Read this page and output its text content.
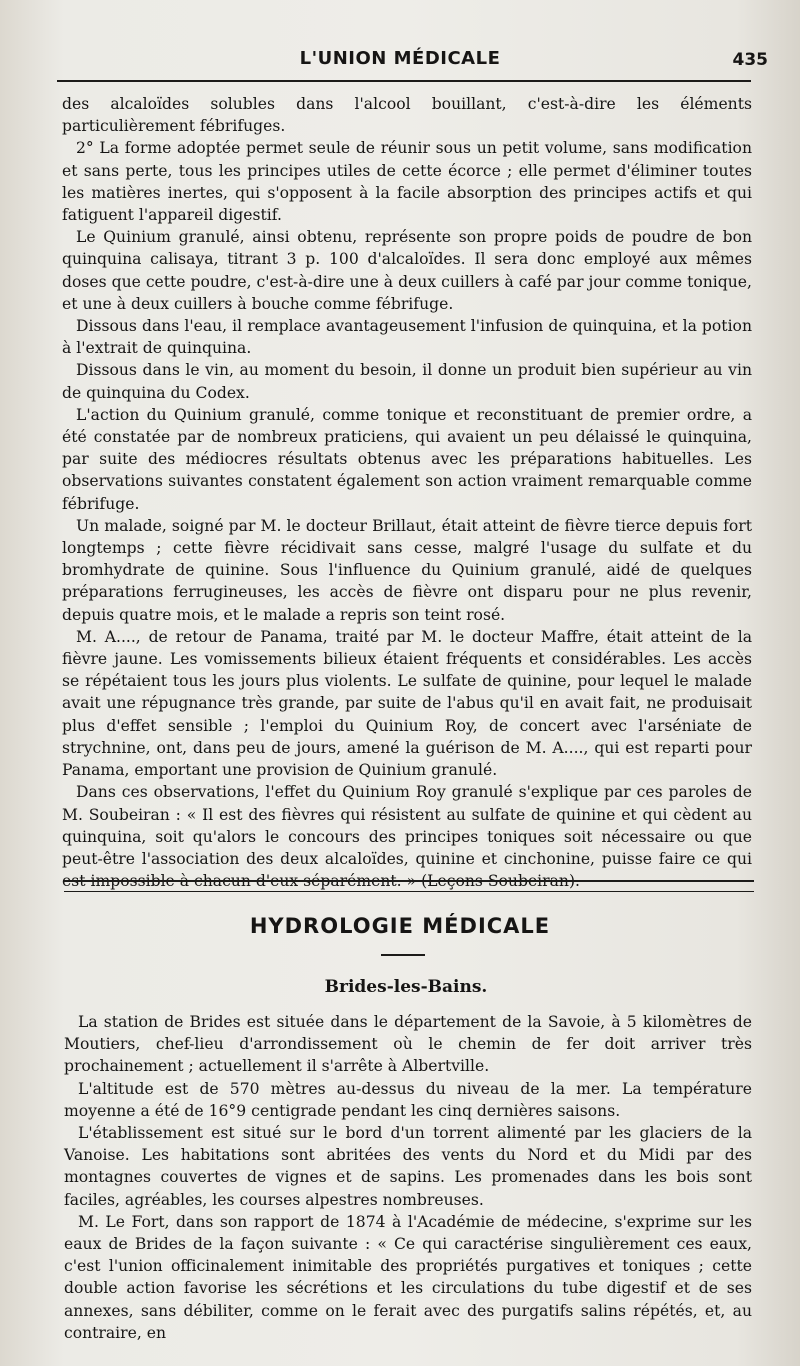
L'UNION MÉDICALE	435

des alcaloïdes solubles dans l'alcool bouillant, c'est-à-dire les éléments particulièrement fébrifuges.

2° La forme adoptée permet seule de réunir sous un petit volume, sans modification et sans perte, tous les principes utiles de cette écorce ; elle permet d'éliminer toutes les matières inertes, qui s'opposent à la facile absorption des principes actifs et qui fatiguent l'appareil digestif.

Le Quinium granulé, ainsi obtenu, représente son propre poids de poudre de bon quinquina calisaya, titrant 3 p. 100 d'alcaloïdes. Il sera donc employé aux mêmes doses que cette poudre, c'est-à-dire une à deux cuillers à café par jour comme tonique, et une à deux cuillers à bouche comme fébrifuge.

Dissous dans l'eau, il remplace avantageusement l'infusion de quinquina, et la potion à l'extrait de quinquina.

Dissous dans le vin, au moment du besoin, il donne un produit bien supérieur au vin de quinquina du Codex.

L'action du Quinium granulé, comme tonique et reconstituant de premier ordre, a été constatée par de nombreux praticiens, qui avaient un peu délaissé le quinquina, par suite des médiocres résultats obtenus avec les préparations habituelles. Les observations suivantes constatent également son action vraiment remarquable comme fébrifuge.

Un malade, soigné par M. le docteur Brillaut, était atteint de fièvre tierce depuis fort longtemps ; cette fièvre récidivait sans cesse, malgré l'usage du sulfate et du bromhydrate de quinine. Sous l'influence du Quinium granulé, aidé de quelques préparations ferrugineuses, les accès de fièvre ont disparu pour ne plus revenir, depuis quatre mois, et le malade a repris son teint rosé.

M. A...., de retour de Panama, traité par M. le docteur Maffre, était atteint de la fièvre jaune. Les vomissements bilieux étaient fréquents et considérables. Les accès se répétaient tous les jours plus violents. Le sulfate de quinine, pour lequel le malade avait une répugnance très grande, par suite de l'abus qu'il en avait fait, ne produisait plus d'effet sensible ; l'emploi du Quinium Roy, de concert avec l'arséniate de strychnine, ont, dans peu de jours, amené la guérison de M. A...., qui est reparti pour Panama, emportant une provision de Quinium granulé.

Dans ces observations, l'effet du Quinium Roy granulé s'explique par ces paroles de M. Soubeiran : « Il est des fièvres qui résistent au sulfate de quinine et qui cèdent au quinquina, soit qu'alors le concours des principes toniques soit nécessaire ou que peut-être l'association des deux alcaloïdes, quinine et cinchonine, puisse faire ce qui est impossible à chacun d'eux séparément. » (Leçons Soubeiran).

HYDROLOGIE MÉDICALE
Brides-les-Bains.

La station de Brides est située dans le département de la Savoie, à 5 kilomètres de Moutiers, chef-lieu d'arrondissement où le chemin de fer doit arriver très prochainement ; actuellement il s'arrête à Albertville.

L'altitude est de 570 mètres au-dessus du niveau de la mer. La température moyenne a été de 16°9 centigrade pendant les cinq dernières saisons.

L'établissement est situé sur le bord d'un torrent alimenté par les glaciers de la Vanoise. Les habitations sont abritées des vents du Nord et du Midi par des montagnes couvertes de vignes et de sapins. Les promenades dans les bois sont faciles, agréables, les courses alpestres nombreuses.

M. Le Fort, dans son rapport de 1874 à l'Académie de médecine, s'exprime sur les eaux de Brides de la façon suivante : « Ce qui caractérise singulièrement ces eaux, c'est l'union officinalement inimitable des propriétés purgatives et toniques ; cette double action favorise les sécrétions et les circulations du tube digestif et de ses annexes, sans débiliter, comme on le ferait avec des purgatifs salins répétés, et, au contraire, en
